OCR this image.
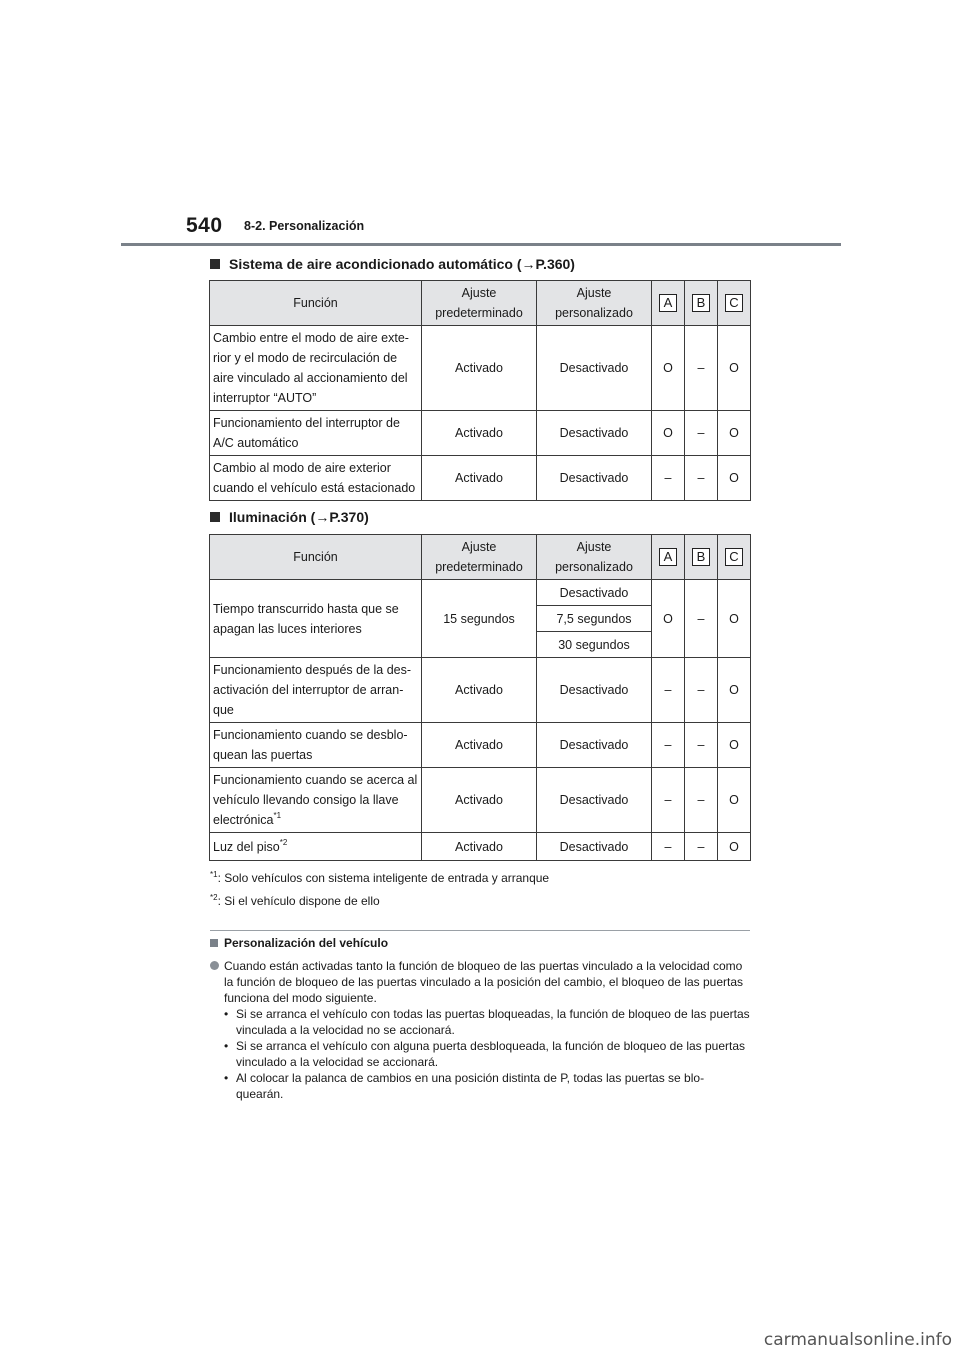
540 8-2. Personalización
Sistema de aire acondicionado automático (→P.360)
Función	Ajuste predeterminado	Ajuste personalizado	A	B	C
Cambio entre el modo de aire exte-rior y el modo de recirculación de aire vinculado al accionamiento del interruptor “AUTO”	Activado	Desactivado	O	–	O
Funcionamiento del interruptor de A/C automático	Activado	Desactivado	O	–	O
Cambio al modo de aire exterior cuando el vehículo está estacionado	Activado	Desactivado	–	–	O
Iluminación (→P.370)
Función	Ajuste predeterminado	Ajuste personalizado	A	B	C
Tiempo transcurrido hasta que se apagan las luces interiores	15 segundos	Desactivado	O	–	O
		7,5 segundos			
		30 segundos			
Funcionamiento después de la des-activación del interruptor de arran-que	Activado	Desactivado	–	–	O
Funcionamiento cuando se desblo-quean las puertas	Activado	Desactivado	–	–	O
Funcionamiento cuando se acerca al vehículo llevando consigo la llave electrónica$^{*1}$	Activado	Desactivado	–	–	O
Luz del piso$^{*2}$	Activado	Desactivado	–	–	O
$^{*1}$: Solo vehículos con sistema inteligente de entrada y arranque
$^{*2}$: Si el vehículo dispone de ello
Personalización del vehículo
Cuando están activadas tanto la función de bloqueo de las puertas vinculado a la velocidad como la función de bloqueo de las puertas vinculado a la posición del cambio, el bloqueo de las puertas funciona del modo siguiente.
• Si se arranca el vehículo con todas las puertas bloqueadas, la función de bloqueo de las puertas vinculada a la velocidad no se accionará.
• Si se arranca el vehículo con alguna puerta desbloqueada, la función de bloqueo de las puertas vinculado a la velocidad se accionará.
• Al colocar la palanca de cambios en una posición distinta de P, todas las puertas se blo-quearán.
carmanualsonline.info
